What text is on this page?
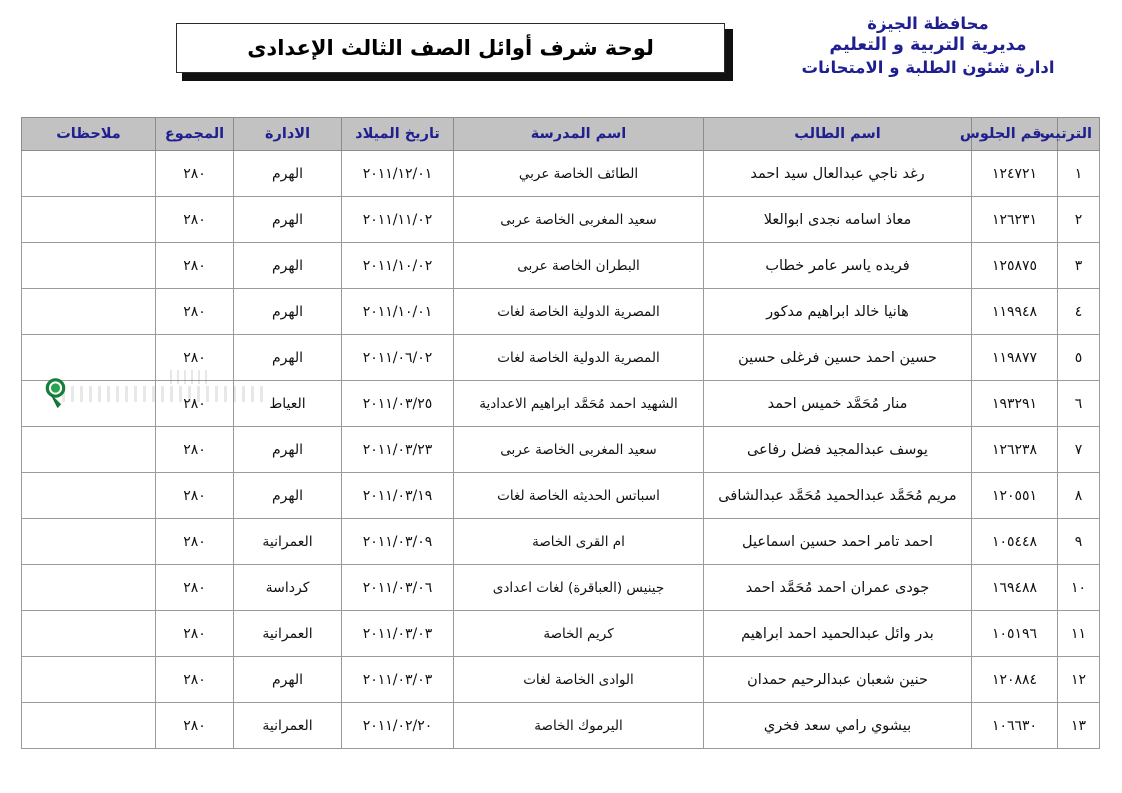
محافظة الجيزة
مديرية التربية و التعليم
ادارة شئون الطلبة و الامتحانات
لوحة شرف أوائل الصف الثالث الإعدادى
الترتيب	رقم الجلوس	اسم الطالب	اسم المدرسة	تاريخ الميلاد	الادارة	المجموع	ملاحظات
١	١٢٤٧٢١	رغد ناجي عبدالعال سيد احمد	الطائف الخاصة عربي	٢٠١١/١٢/٠١	الهرم	٢٨٠	
٢	١٢٦٢٣١	معاذ اسامه نجدى ابوالعلا	سعيد المغربى الخاصة عربى	٢٠١١/١١/٠٢	الهرم	٢٨٠	
٣	١٢٥٨٧٥	فريده ياسر عامر خطاب	البطران الخاصة عربى	٢٠١١/١٠/٠٢	الهرم	٢٨٠	
٤	١١٩٩٤٨	هانيا خالد ابراهيم مدكور	المصرية الدولية الخاصة لغات	٢٠١١/١٠/٠١	الهرم	٢٨٠	
٥	١١٩٨٧٧	حسين احمد حسين فرغلى حسين	المصرية الدولية الخاصة لغات	٢٠١١/٠٦/٠٢	الهرم	٢٨٠	
٦	١٩٣٢٩١	منار مُحَمَّد خميس احمد	الشهيد احمد مُحَمَّد ابراهيم الاعدادية	٢٠١١/٠٣/٢٥	العياط	٢٨٠	
٧	١٢٦٢٣٨	يوسف عبدالمجيد فضل رفاعى	سعيد المغربى الخاصة عربى	٢٠١١/٠٣/٢٣	الهرم	٢٨٠	
٨	١٢٠٥٥١	مريم مُحَمَّد عبدالحميد مُحَمَّد عبدالشافى	اسباتس الحديثه الخاصة لغات	٢٠١١/٠٣/١٩	الهرم	٢٨٠	
٩	١٠٥٤٤٨	احمد تامر احمد حسين اسماعيل	ام القرى الخاصة	٢٠١١/٠٣/٠٩	العمرانية	٢٨٠	
١٠	١٦٩٤٨٨	جودى عمران احمد مُحَمَّد احمد	جينيس (العباقرة) لغات اعدادى	٢٠١١/٠٣/٠٦	كرداسة	٢٨٠	
١١	١٠٥١٩٦	بدر وائل عبدالحميد احمد ابراهيم	كريم الخاصة	٢٠١١/٠٣/٠٣	العمرانية	٢٨٠	
١٢	١٢٠٨٨٤	حنين شعبان عبدالرحيم حمدان	الوادى الخاصة لغات	٢٠١١/٠٣/٠٣	الهرم	٢٨٠	
١٣	١٠٦٦٣٠	بيشوي رامي سعد فخري	اليرموك الخاصة	٢٠١١/٠٢/٢٠	العمرانية	٢٨٠	
